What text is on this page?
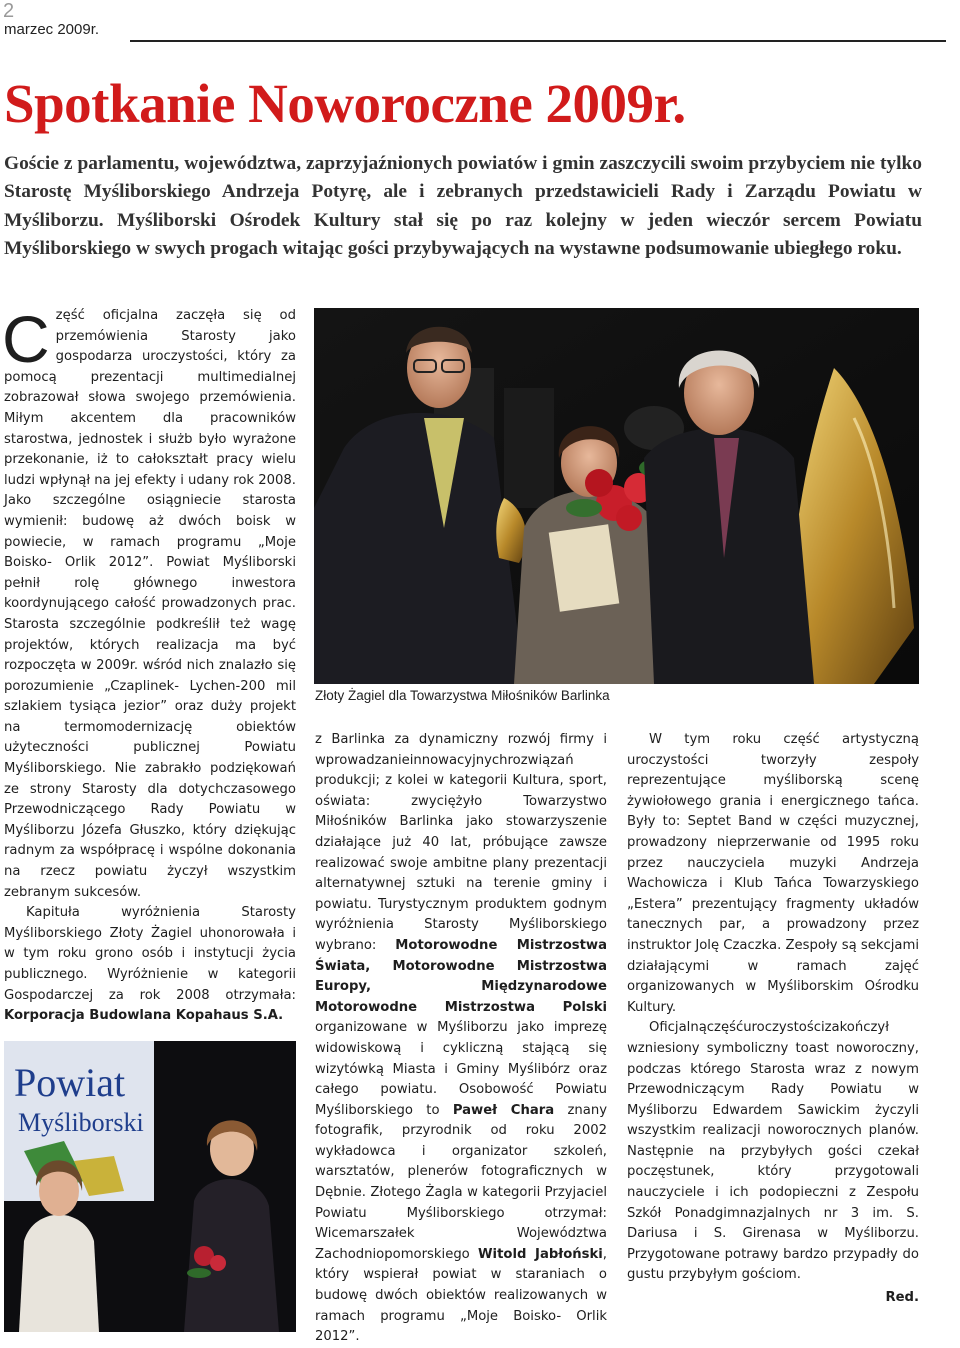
2
marzec 2009r.
Spotkanie Noworoczne 2009r.

Goście z parlamentu, województwa, zaprzyjaźnionych powiatów i gmin zaszczycili swoim przybyciem nie tylko Starostę Myśliborskiego Andrzeja Potyrę, ale i zebranych przedstawicieli Rady i Zarządu Powiatu w Myśliborzu. Myśliborski Ośrodek Kultury stał się po raz kolejny w jeden wieczór sercem Powiatu Myśliborskiego w swych progach witając gości przybywających na wystawne podsumowanie ubiegłego roku.

Część oficjalna zaczęła się od przemówienia Starosty jako gospodarza uroczystości, który za pomocą prezentacji multimedialnej zobrazował słowa swojego przemówienia. Miłym akcentem dla pracowników starostwa, jednostek i służb było wyrażone przekonanie, iż to całokształt pracy wielu ludzi wpłynął na jej efekty i udany rok 2008. Jako szczególne osiągniecie starosta wymienił: budowę aż dwóch boisk w powiecie, w ramach programu „Moje Boisko- Orlik 2012”. Powiat Myśliborski pełnił rolę głównego inwestora koordynującego całość prowadzonych prac. Starosta szczególnie podkreślił też wagę projektów, których realizacja ma być rozpoczęta w 2009r. wśród nich znalazło się porozumienie „Czaplinek- Lychen-200 mil szlakiem tysiąca jezior” oraz duży projekt na termomodernizację obiektów użyteczności publicznej Powiatu Myśliborskiego. Nie zabrakło podziękowań ze strony Starosty dla dotychczasowego Przewodniczącego Rady Powiatu w Myśliborzu Józefa Głuszko, który dziękując radnym za współpracę i wspólne dokonania na rzecz powiatu życzył wszystkim zebranym sukcesów.

Kapituła wyróżnienia Starosty Myśliborskiego Złoty Żagiel uhonorowała i w tym roku grono osób i instytucji życia publicznego. Wyróżnienie w kategorii Gospodarczej za rok 2008 otrzymała: Korporacja Budowlana Kopahaus S.A.

Złoty Żagiel dla Towarzystwa Miłośników Barlinka

z Barlinka za dynamiczny rozwój firmy i wprowadzanieinnowacyjnychrozwiązań produkcji; z kolei w kategorii Kultura, sport, oświata: zwyciężyło Towarzystwo Miłośników Barlinka jako stowarzyszenie działające już 40 lat, próbujące zawsze realizować swoje ambitne plany prezentacji alternatywnej sztuki na terenie gminy i powiatu. Turystycznym produktem godnym wyróżnienia Starosty Myśliborskiego wybrano: Motorowodne Mistrzostwa Świata, Motorowodne Mistrzostwa Europy, Międzynarodowe Motorowodne Mistrzostwa Polski organizowane w Myśliborzu jako imprezę widowiskową i cykliczną stającą się wizytówką Miasta i Gminy Myślibórz oraz całego powiatu. Osobowość Powiatu Myśliborskiego to Paweł Chara znany fotografik, przyrodnik od roku 2002 wykładowca i organizator szkoleń, warsztatów, plenerów fotograficznych w Dębnie. Złotego Żagla w kategorii Przyjaciel Powiatu Myśliborskiego otrzymał: Wicemarszałek Województwa Zachodniopomorskiego Witold Jabłoński, który wspierał powiat w staraniach o budowę dwóch obiektów realizowanych w ramach programu „Moje Boisko- Orlik 2012”.

W tym roku część artystyczną uroczystości tworzyły zespoły reprezentujące myśliborską scenę żywiołowego grania i energicznego tańca. Były to: Septet Band w części muzycznej, prowadzony nieprzerwanie od 1995 roku przez nauczyciela muzyki Andrzeja Wachowicza i Klub Tańca Towarzyskiego „Estera” prezentujący fragmenty układów tanecznych par, a prowadzony przez instruktor Jolę Czaczka. Zespoły są sekcjami działającymi w ramach zajęć organizowanych w Myśliborskim Ośrodku Kultury.

Oficjalnączęśćuroczystościzakończył wzniesiony symboliczny toast noworoczny, podczas którego Starosta wraz z nowym Przewodniczącym Rady Powiatu w Myśliborzu Edwardem Sawickim życzyli wszystkim realizacji noworocznych planów. Następnie na przybyłych gości czekał poczęstunek, który przygotowali nauczyciele i ich podopieczni z Zespołu Szkół Ponadgimnazjalnych nr 3 im. S. Dariusa i S. Girenasa w Myśliborzu. Przygotowane potrawy bardzo przypadły do gustu przybyłym gościom.

Red.
Powiat
Myśliborski
